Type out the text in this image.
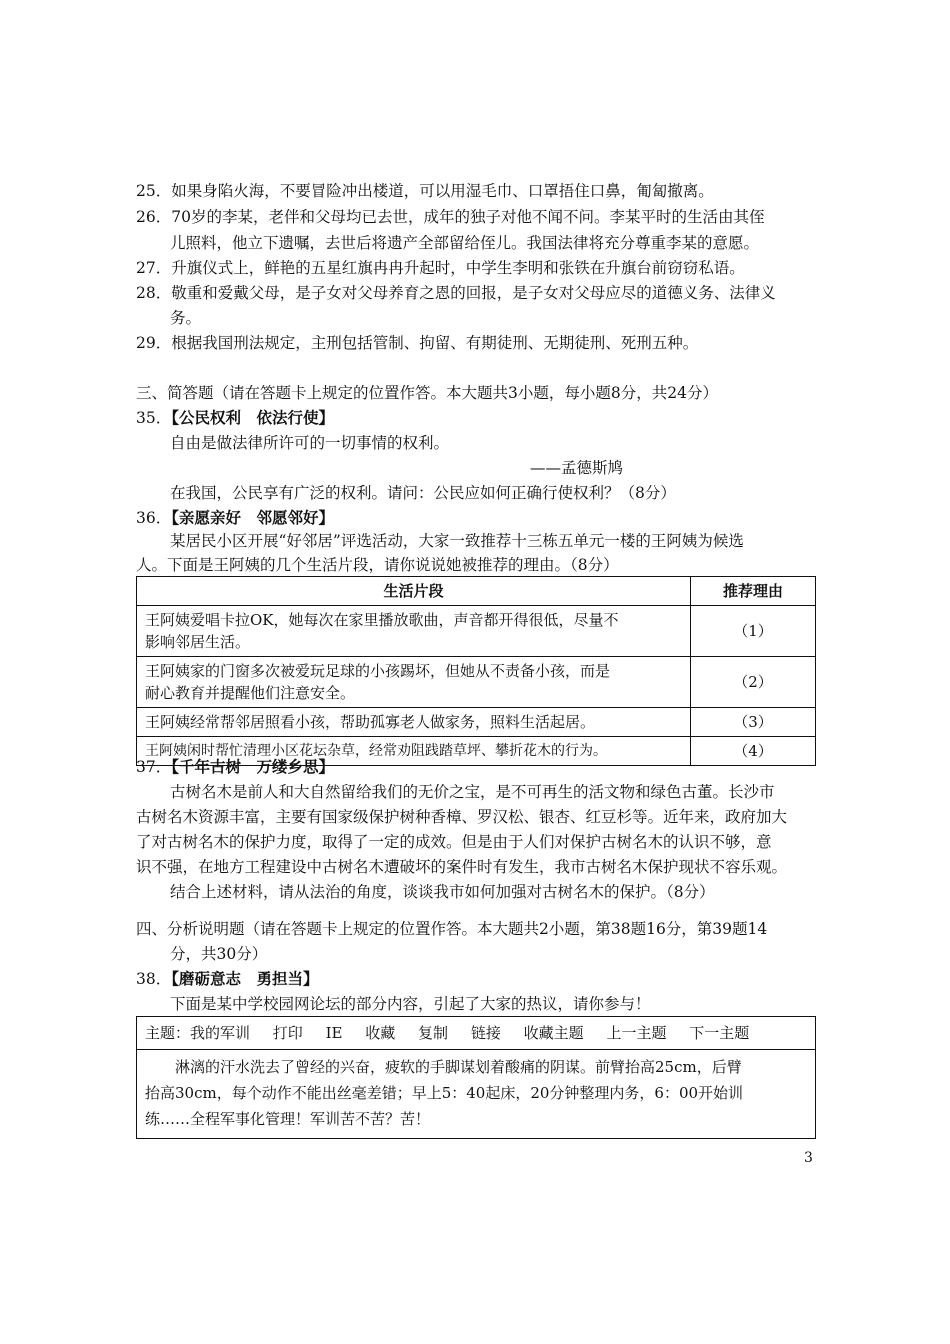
25．如果身陷火海，不要冒险冲出楼道，可以用湿毛巾、口罩捂住口鼻，匍匐撤离。
26．70岁的李某，老伴和父母均已去世，成年的独子对他不闻不问。李某平时的生活由其侄
儿照料，他立下遗嘱，去世后将遗产全部留给侄儿。我国法律将充分尊重李某的意愿。
27．升旗仪式上，鲜艳的五星红旗冉冉升起时，中学生李明和张铁在升旗台前窃窃私语。
28．敬重和爱戴父母，是子女对父母养育之恩的回报，是子女对父母应尽的道德义务、法律义
务。
29．根据我国刑法规定，主刑包括管制、拘留、有期徒刑、无期徒刑、死刑五种。
三、简答题（请在答题卡上规定的位置作答。本大题共3小题，每小题8分，共24分）
35．【公民权利　依法行使】
自由是做法律所许可的一切事情的权利。
——孟德斯鸠
在我国，公民享有广泛的权利。请问：公民应如何正确行使权利？（8分）
36．【亲愿亲好　邻愿邻好】
某居民小区开展“好邻居”评选活动，大家一致推荐十三栋五单元一楼的王阿姨为候选
人。下面是王阿姨的几个生活片段，请你说说她被推荐的理由。（8分）
生活片段	推荐理由
王阿姨爱唱卡拉OK，她每次在家里播放歌曲，声音都开得很低，尽量不
影响邻居生活。	（1）
王阿姨家的门窗多次被爱玩足球的小孩踢坏，但她从不责备小孩，而是
耐心教育并提醒他们注意安全。	（2）
王阿姨经常帮邻居照看小孩，帮助孤寡老人做家务，照料生活起居。	（3）
王阿姨闲时帮忙清理小区花坛杂草，经常劝阻践踏草坪、攀折花木的行为。	（4）
37．【千年古树　万缕乡思】
古树名木是前人和大自然留给我们的无价之宝，是不可再生的活文物和绿色古董。长沙市
古树名木资源丰富，主要有国家级保护树种香樟、罗汉松、银杏、红豆杉等。近年来，政府加大
了对古树名木的保护力度，取得了一定的成效。但是由于人们对保护古树名木的认识不够，意
识不强，在地方工程建设中古树名木遭破坏的案件时有发生，我市古树名木保护现状不容乐观。
结合上述材料，请从法治的角度，谈谈我市如何加强对古树名木的保护。（8分）
四、分析说明题（请在答题卡上规定的位置作答。本大题共2小题，第38题16分，第39题14
分，共30分）
38．【磨砺意志　勇担当】
下面是某中学校园网论坛的部分内容，引起了大家的热议，请你参与！
主题：我的军训 打印 IE 收藏 复制 链接 收藏主题 上一主题 下一主题

　　淋漓的汗水洗去了曾经的兴奋，疲软的手脚谋划着酸痛的阴谋。前臂抬高25cm，后臂

抬高30cm，每个动作不能出丝毫差错；早上5：40起床，20分钟整理内务，6：00开始训

练……全程军事化管理！军训苦不苦？苦！

3
